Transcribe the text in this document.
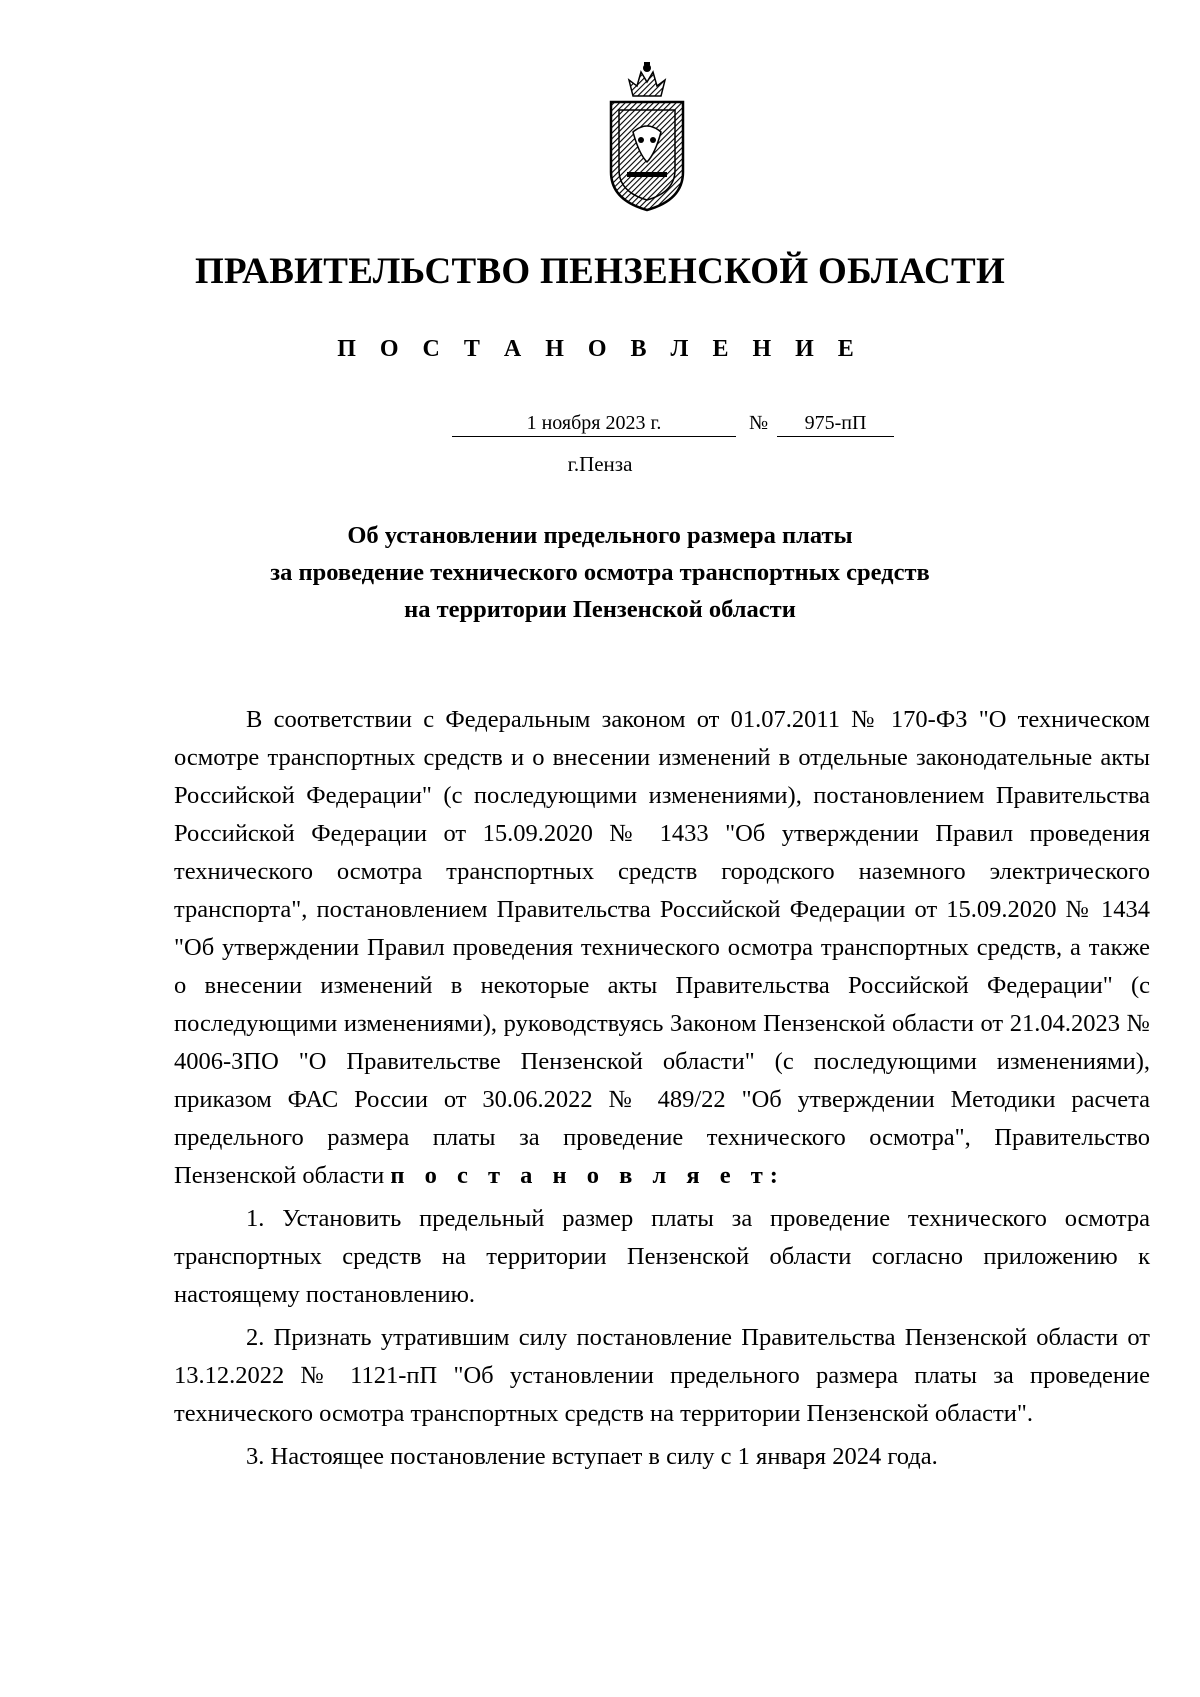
ПРАВИТЕЛЬСТВО ПЕНЗЕНСКОЙ ОБЛАСТИ
П О С Т А Н О В Л Е Н И Е
1 ноября 2023 г.	№	975-пП
г.Пенза
Об установлении предельного размера платы
за проведение технического осмотра транспортных средств
на территории Пензенской области

В соответствии с Федеральным законом от 01.07.2011 № 170-ФЗ "О техническом осмотре транспортных средств и о внесении изменений в отдельные законодательные акты Российской Федерации" (с последующими изменениями), постановлением Правительства Российской Федерации от 15.09.2020 № 1433 "Об утверждении Правил проведения технического осмотра транспортных средств городского наземного электрического транспорта", постановлением Правительства Российской Федерации от 15.09.2020 № 1434 "Об утверждении Правил проведения технического осмотра транспортных средств, а также о внесении изменений в некоторые акты Правительства Российской Федерации" (с последующими изменениями), руководствуясь Законом Пензенской области от 21.04.2023 № 4006-ЗПО "О Правительстве Пензенской области" (с последующими изменениями), приказом ФАС России от 30.06.2022 № 489/22 "Об утверждении Методики расчета предельного размера платы за проведение технического осмотра", Правительство Пензенской области п о с т а н о в л я е т:

1. Установить предельный размер платы за проведение технического осмотра транспортных средств на территории Пензенской области согласно приложению к настоящему постановлению.

2. Признать утратившим силу постановление Правительства Пензенской области от 13.12.2022 № 1121-пП "Об установлении предельного размера платы за проведение технического осмотра транспортных средств на территории Пензенской области".

3. Настоящее постановление вступает в силу с 1 января 2024 года.
